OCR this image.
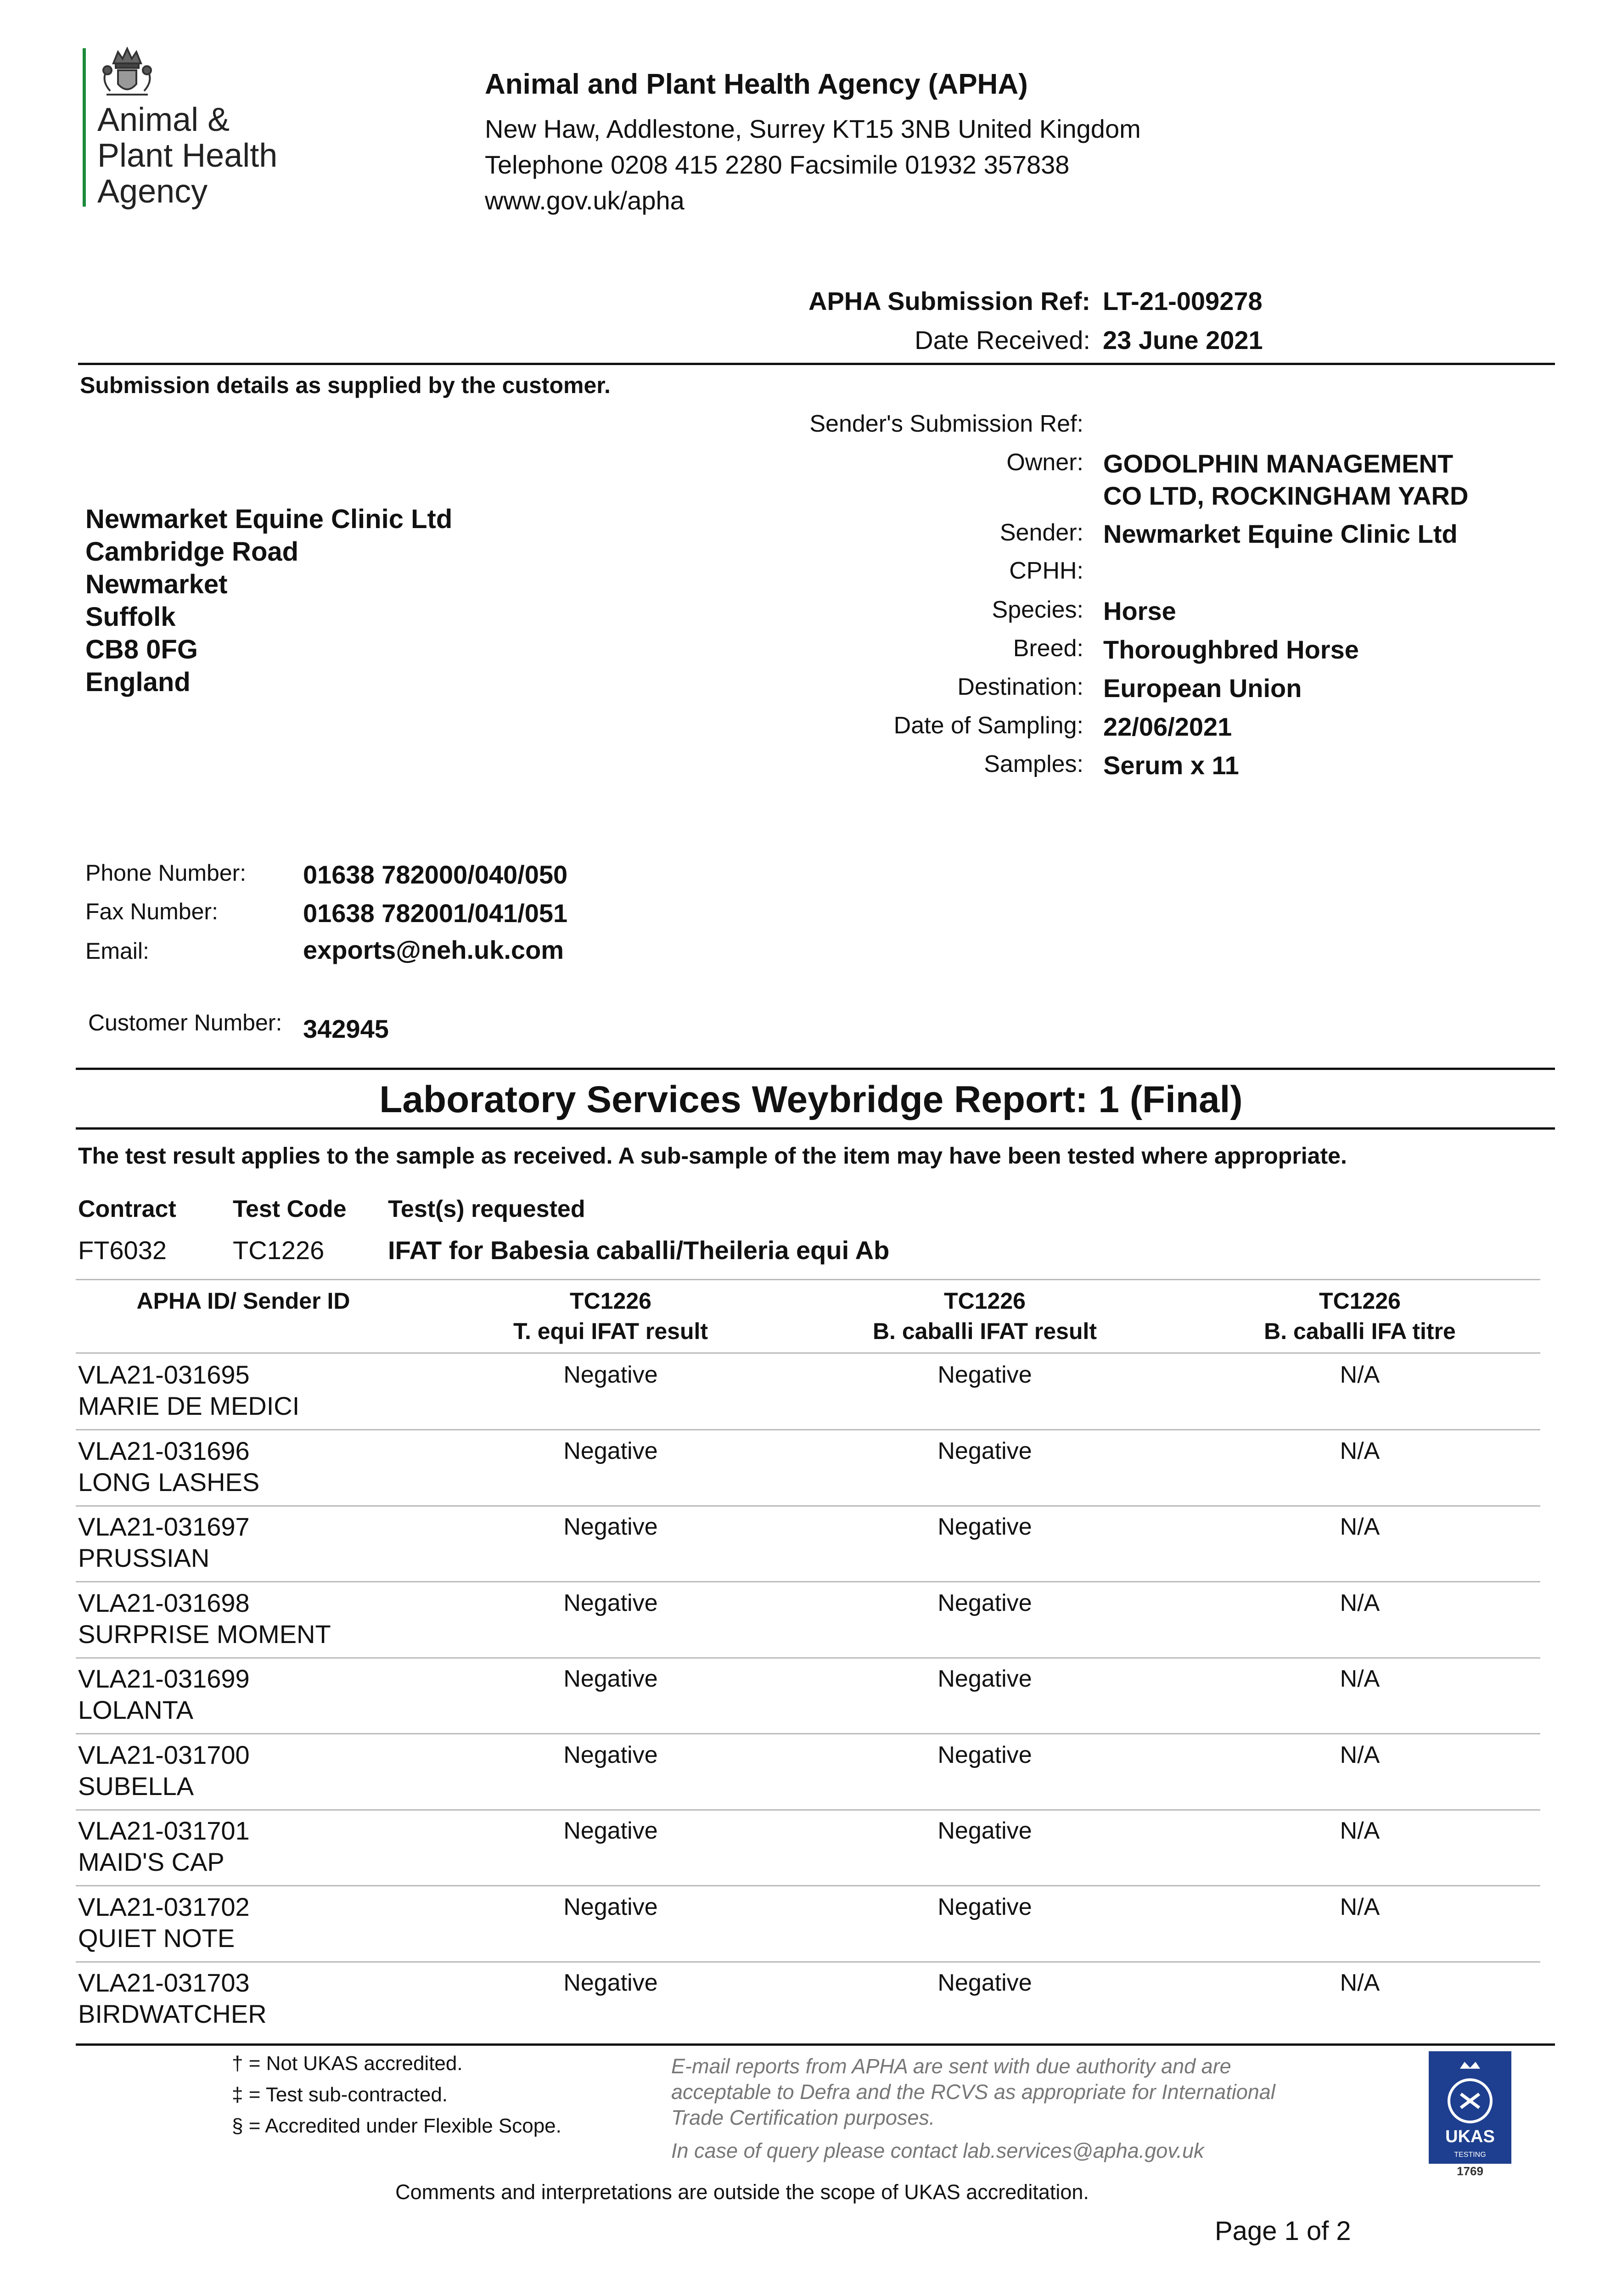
Animal &
Plant Health
Agency
Animal and Plant Health Agency (APHA)
New Haw, Addlestone, Surrey KT15 3NB United Kingdom
Telephone 0208 415 2280 Facsimile 01932 357838
www.gov.uk/apha
APHA Submission Ref: LT-21-009278
Date Received: 23 June 2021
Submission details as supplied by the customer.
Sender's Submission Ref:
Owner: GODOLPHIN MANAGEMENT
CO LTD, ROCKINGHAM YARD
Sender: Newmarket Equine Clinic Ltd
CPHH:
Species: Horse
Breed: Thoroughbred Horse
Destination: European Union
Date of Sampling: 22/06/2021
Samples: Serum x 11
Newmarket Equine Clinic Ltd
Cambridge Road
Newmarket
Suffolk
CB8 0FG
England
Phone Number: 01638 782000/040/050
Fax Number:	01638 782001/041/051
Email:	exports@neh.uk.com
Customer Number: 342945
Laboratory Services Weybridge Report: 1 (Final)
The test result applies to the sample as received. A sub-sample of the item may have been tested where appropriate.
Contract Test Code Test(s) requested
FT6032	TC1226 IFAT for Babesia caballi/Theileria equi Ab
APHA ID/ Sender ID	TC1226
T. equi IFAT result
TC1226
B. caballi IFAT result
TC1226
B. caballi IFA titre
VLA21-031695
MARIE DE MEDICI
Negative	Negative	N/A
VLA21-031696
LONG LASHES
Negative	Negative	N/A
VLA21-031697
PRUSSIAN
Negative	Negative	N/A
VLA21-031698
SURPRISE MOMENT
Negative	Negative	N/A
VLA21-031699
LOLANTA
Negative	Negative	N/A
VLA21-031700
SUBELLA
Negative	Negative	N/A
VLA21-031701
MAID'S CAP
Negative	Negative	N/A
VLA21-031702
QUIET NOTE
Negative	Negative	N/A
VLA21-031703
BIRDWATCHER
Negative	Negative	N/A
† = Not UKAS accredited.
‡ = Test sub-contracted.
§ = Accredited under Flexible Scope.
E-mail reports from APHA are sent with due authority and are
acceptable to Defra and the RCVS as appropriate for International
Trade Certification purposes.
In case of query please contact lab.services@apha.gov.uk
Comments and interpretations are outside the scope of UKAS accreditation.
Page 1 of 2
UKAS
TESTING
1769
